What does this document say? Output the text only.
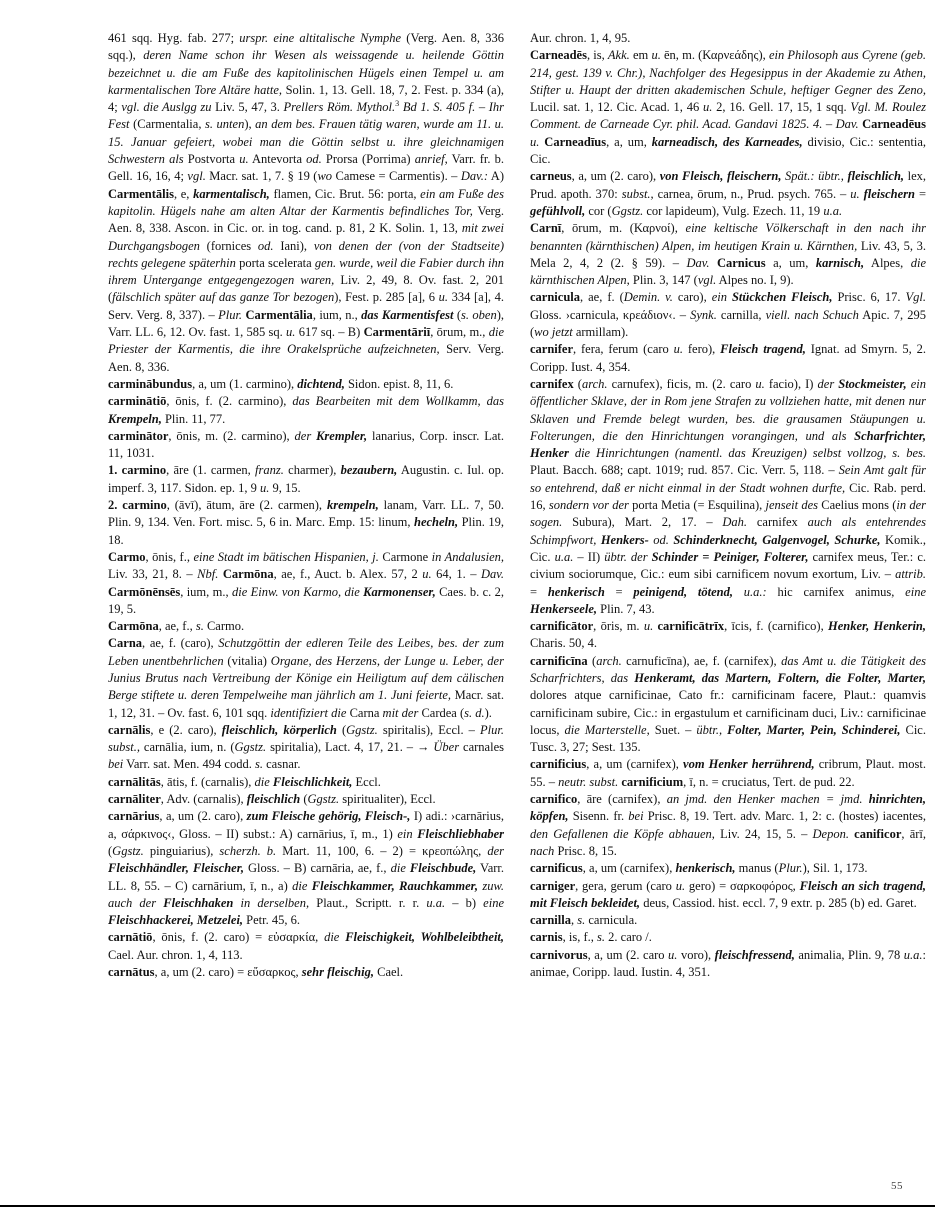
461 sqq. Hyg. fab. 277; urspr. eine altitalische Nymphe (Verg. Aen. 8, 336 sqq.), deren Name schon ihr Wesen als weissagende u. heilende Göttin bezeichnet u. die am Fuße des kapitolinischen Hügels einen Tempel u. am karmentalischen Tore Altäre hatte, Solin. 1, 13. Gell. 18, 7, 2. Fest. p. 334 (a), 4; vgl. die Auslgg zu Liv. 5, 47, 3. Prellers Röm. Mythol.$^3$ Bd 1. S. 405 f. – Ihr Fest (Carmentalia, s. unten), an dem bes. Frauen tätig waren, wurde am 11. u. 15. Januar gefeiert, wobei man die Göttin selbst u. ihre gleichnamigen Schwestern als Postvorta u. Antevorta od. Prorsa (Porrima) anrief, Varr. fr. b. Gell. 16, 16, 4; vgl. Macr. sat. 1, 7. § 19 (wo Camese = Carmentis). – Dav.: A) Carmentālis, e, karmentalisch, flamen, Cic. Brut. 56: porta, ein am Fuße des kapitolin. Hügels nahe am alten Altar der Karmentis befindliches Tor, Verg. Aen. 8, 338. Ascon. in Cic. or. in tog. cand. p. 81, 2 K. Solin. 1, 13, mit zwei Durchgangsbogen (fornices od. Iani), von denen der (von der Stadtseite) rechts gelegene späterhin porta scelerata gen. wurde, weil die Fabier durch ihn ihrem Untergange entgegengezogen waren, Liv. 2, 49, 8. Ov. fast. 2, 201 (fälschlich später auf das ganze Tor bezogen), Fest. p. 285 [a], 6 u. 334 [a], 4. Serv. Verg. 8, 337). – Plur. Carmentālia, ium, n., das Karmentisfest (s. oben), Varr. LL. 6, 12. Ov. fast. 1, 585 sq. u. 617 sq. – B) Carmentāriī, ōrum, m., die Priester der Karmentis, die ihre Orakelsprüche aufzeichneten, Serv. Verg. Aen. 8, 336.

carminābundus, a, um (1. carmino), dichtend, Sidon. epist. 8, 11, 6.

carminātiō, ōnis, f. (2. carmino), das Bearbeiten mit dem Wollkamm, das Krempeln, Plin. 11, 77.

carminātor, ōnis, m. (2. carmino), der Krempler, lanarius, Corp. inscr. Lat. 11, 1031.

1. carmino, āre (1. carmen, franz. charmer), bezaubern, Augustin. c. Iul. op. imperf. 3, 117. Sidon. ep. 1, 9 u. 9, 15.

2. carmino, (āvī), ātum, āre (2. carmen), krempeln, lanam, Varr. LL. 7, 50. Plin. 9, 134. Ven. Fort. misc. 5, 6 in. Marc. Emp. 15: linum, hecheln, Plin. 19, 18.

Carmo, ōnis, f., eine Stadt im bätischen Hispanien, j. Carmone in Andalusien, Liv. 33, 21, 8. – Nbf. Carmōna, ae, f., Auct. b. Alex. 57, 2 u. 64, 1. – Dav. Carmōnēnsēs, ium, m., die Einw. von Karmo, die Karmonenser, Caes. b. c. 2, 19, 5.

Carmōna, ae, f., s. Carmo.

Carna, ae, f. (caro), Schutzgöttin der edleren Teile des Leibes, bes. der zum Leben unentbehrlichen (vitalia) Organe, des Herzens, der Lunge u. Leber, der Junius Brutus nach Vertreibung der Könige ein Heiligtum auf dem cälischen Berge stiftete u. deren Tempelweihe man jährlich am 1. Juni feierte, Macr. sat. 1, 12, 31. – Ov. fast. 6, 101 sqq. identifiziert die Carna mit der Cardea (s. d.).

carnālis, e (2. caro), fleischlich, körperlich (Ggstz. spiritalis), Eccl. – Plur. subst., carnālia, ium, n. (Ggstz. spiritalia), Lact. 4, 17, 21. – → Über carnales bei Varr. sat. Men. 494 codd. s. casnar.

carnālitās, ātis, f. (carnalis), die Fleischlichkeit, Eccl.

carnāliter, Adv. (carnalis), fleischlich (Ggstz. spiritualiter), Eccl.

carnārius, a, um (2. caro), zum Fleische gehörig, Fleisch-, I) adi.: ›carnārius, a, σάρκινος‹, Gloss. – II) subst.: A) carnārius, ī, m., 1) ein Fleischliebhaber (Ggstz. pinguiarius), scherzh. b. Mart. 11, 100, 6. – 2) = κρεοπώλης, der Fleischhändler, Fleischer, Gloss. – B) carnāria, ae, f., die Fleischbude, Varr. LL. 8, 55. – C) carnārium, ī, n., a) die Fleischkammer, Rauchkammer, zuw. auch der Fleischhaken in derselben, Plaut., Scriptt. r. r. u.a. – b) eine Fleischhackerei, Metzelei, Petr. 45, 6.

carnātiō, ōnis, f. (2. caro) = εὐσαρκία, die Fleischigkeit, Wohlbeleibtheit, Cael. Aur. chron. 1, 4, 113.

carnātus, a, um (2. caro) = εὔσαρκος, sehr fleischig, Cael.

Aur. chron. 1, 4, 95.

Carneadēs, is, Akk. em u. ēn, m. (Καρνεάδης), ein Philosoph aus Cyrene (geb. 214, gest. 139 v. Chr.), Nachfolger des Hegesippus in der Akademie zu Athen, Stifter u. Haupt der dritten akademischen Schule, heftiger Gegner des Zeno, Lucil. sat. 1, 12. Cic. Acad. 1, 46 u. 2, 16. Gell. 17, 15, 1 sqq. Vgl. M. Roulez Comment. de Carneade Cyr. phil. Acad. Gandavi 1825. 4. – Dav. Carneadēus u. Carneadīus, a, um, karneadisch, des Karneades, divisio, Cic.: sententia, Cic.

carneus, a, um (2. caro), von Fleisch, fleischern, Spät.: übtr., fleischlich, lex, Prud. apoth. 370: subst., carnea, ōrum, n., Prud. psych. 765. – u. fleischern = gefühlvoll, cor (Ggstz. cor lapideum), Vulg. Ezech. 11, 19 u.a.

Carnī, ōrum, m. (Καρνοί), eine keltische Völkerschaft in den nach ihr benannten (kärnthischen) Alpen, im heutigen Krain u. Kärnthen, Liv. 43, 5, 3. Mela 2, 4, 2 (2. § 59). – Dav. Carnicus a, um, karnisch, Alpes, die kärnthischen Alpen, Plin. 3, 147 (vgl. Alpes no. I, 9).

carnicula, ae, f. (Demin. v. caro), ein Stückchen Fleisch, Prisc. 6, 17. Vgl. Gloss. ›carnicula, κρεάδιον‹. – Synk. carnilla, viell. nach Schuch Apic. 7, 295 (wo jetzt armillam).

carnifer, fera, ferum (caro u. fero), Fleisch tragend, Ignat. ad Smyrn. 5, 2. Coripp. Iust. 4, 354.

carnifex (arch. carnufex), ficis, m. (2. caro u. facio), I) der Stockmeister, ein öffentlicher Sklave, der in Rom jene Strafen zu vollziehen hatte, mit denen nur Sklaven und Fremde belegt wurden, bes. die grausamen Stäupungen u. Folterungen, die den Hinrichtungen vorangingen, und als Scharfrichter, Henker die Hinrichtungen (namentl. das Kreuzigen) selbst vollzog, s. bes. Plaut. Bacch. 688; capt. 1019; rud. 857. Cic. Verr. 5, 118. – Sein Amt galt für so entehrend, daß er nicht einmal in der Stadt wohnen durfte, Cic. Rab. perd. 16, sondern vor der porta Metia (= Esquilina), jenseit des Caelius mons (in der sogen. Subura), Mart. 2, 17. – Dah. carnifex auch als entehrendes Schimpfwort, Henkers- od. Schinderknecht, Galgenvogel, Schurke, Komik., Cic. u.a. – II) übtr. der Schinder = Peiniger, Folterer, carnifex meus, Ter.: c. civium sociorumque, Cic.: eum sibi carnificem novum exortum, Liv. – attrib. = henkerisch = peinigend, tötend, u.a.: hic carnifex animus, eine Henkerseele, Plin. 7, 43.

carnificātor, ōris, m. u. carnificātrīx, īcis, f. (carnifico), Henker, Henkerin, Charis. 50, 4.

carnificīna (arch. carnuficīna), ae, f. (carnifex), das Amt u. die Tätigkeit des Scharfrichters, das Henkeramt, das Martern, Foltern, die Folter, Marter, dolores atque carnificinae, Cato fr.: carnificinam facere, Plaut.: quamvis carnificinam subire, Cic.: in ergastulum et carnificinam duci, Liv.: carnificinae locus, die Marterstelle, Suet. – übtr., Folter, Marter, Pein, Schinderei, Cic. Tusc. 3, 27; Sest. 135.

carnificius, a, um (carnifex), vom Henker herrührend, cribrum, Plaut. most. 55. – neutr. subst. carnificium, ī, n. = cruciatus, Tert. de pud. 22.

carnifico, āre (carnifex), an jmd. den Henker machen = jmd. hinrichten, köpfen, Sisenn. fr. bei Prisc. 8, 19. Tert. adv. Marc. 1, 2: c. (hostes) iacentes, den Gefallenen die Köpfe abhauen, Liv. 24, 15, 5. – Depon. canificor, ārī, nach Prisc. 8, 15.

carnificus, a, um (carnifex), henkerisch, manus (Plur.), Sil. 1, 173.

carniger, gera, gerum (caro u. gero) = σαρκοφόρος, Fleisch an sich tragend, mit Fleisch bekleidet, deus, Cassiod. hist. eccl. 7, 9 extr. p. 285 (b) ed. Garet.

carnilla, s. carnicula.

carnis, is, f., s. 2. caro /.

carnivorus, a, um (2. caro u. voro), fleischfressend, animalia, Plin. 9, 78 u.a.: animae, Coripp. laud. Iustin. 4, 351.

55
